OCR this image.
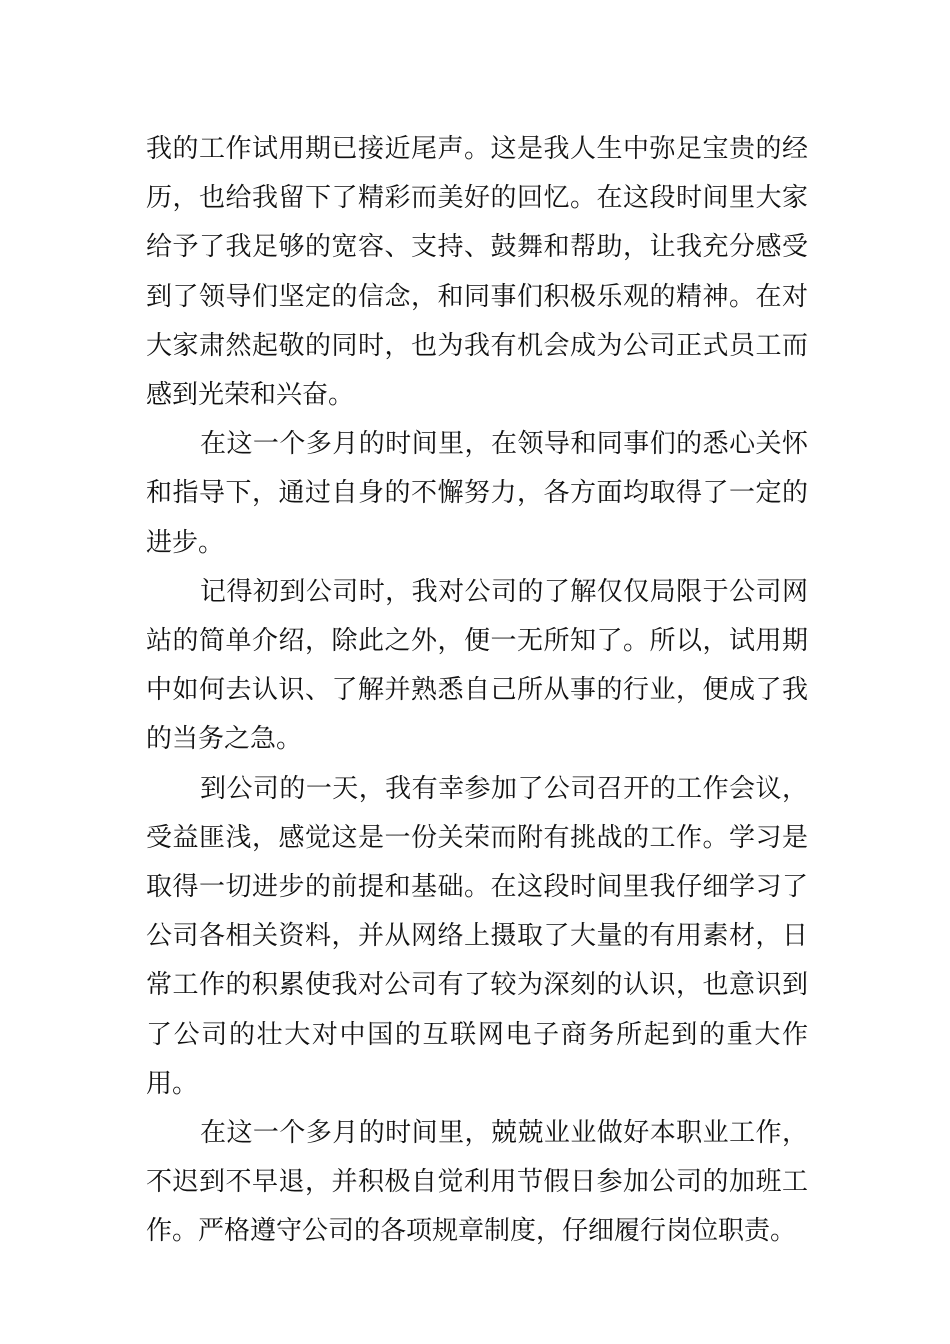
我的工作试用期已接近尾声。这是我人生中弥足宝贵的经历，也给我留下了精彩而美好的回忆。在这段时间里大家给予了我足够的宽容、支持、鼓舞和帮助，让我充分感受到了领导们坚定的信念，和同事们积极乐观的精神。在对大家肃然起敬的同时，也为我有机会成为公司正式员工而感到光荣和兴奋。

在这一个多月的时间里，在领导和同事们的悉心关怀和指导下，通过自身的不懈努力，各方面均取得了一定的进步。

记得初到公司时，我对公司的了解仅仅局限于公司网站的简单介绍，除此之外，便一无所知了。所以，试用期中如何去认识、了解并熟悉自己所从事的行业，便成了我的当务之急。

到公司的一天，我有幸参加了公司召开的工作会议，受益匪浅，感觉这是一份关荣而附有挑战的工作。学习是取得一切进步的前提和基础。在这段时间里我仔细学习了公司各相关资料，并从网络上摄取了大量的有用素材，日常工作的积累使我对公司有了较为深刻的认识，也意识到了公司的壮大对中国的互联网电子商务所起到的重大作用。

在这一个多月的时间里，兢兢业业做好本职业工作，不迟到不早退，并积极自觉利用节假日参加公司的加班工作。严格遵守公司的各项规章制度，仔细履行岗位职责。
